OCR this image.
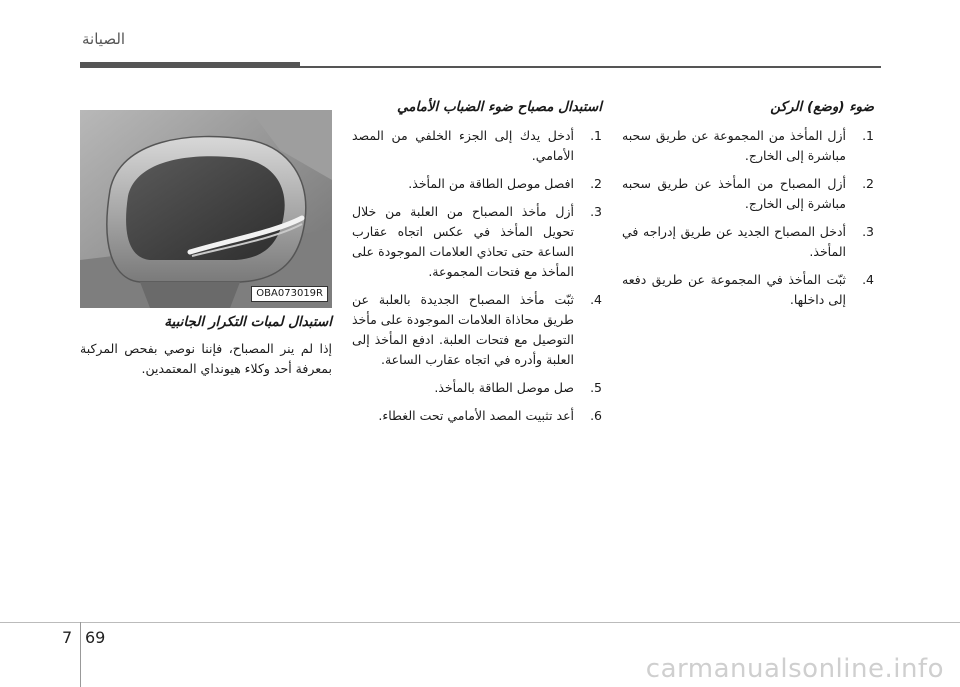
الصيانة
ضوء (وضع) الركن
.1
أزل المأخذ من المجموعة عن طريق سحبه مباشرة إلى الخارج.
.2
أزل المصباح من المأخذ عن طريق سحبه مباشرة إلى الخارج.
.3
أدخل المصباح الجديد عن طريق إدراجه في المأخذ.
.4
ثبّت المأخذ في المجموعة عن طريق دفعه إلى داخلها.
استبدال مصباح ضوء الضباب الأمامي
.1
أدخل يدك إلى الجزء الخلفي من المصد الأمامي.
.2
افصل موصل الطاقة من المأخذ.
.3
أزل مأخذ المصباح من العلبة من خلال تحويل المأخذ في عكس اتجاه عقارب الساعة حتى تحاذي العلامات الموجودة على المأخذ مع فتحات المجموعة.
.4
ثبّت مأخذ المصباح الجديدة بالعلبة عن طريق محاذاة العلامات الموجودة على مأخذ التوصيل مع فتحات العلبة. ادفع المأخذ إلى العلبة وأدره في اتجاه عقارب الساعة.
.5
صل موصل الطاقة بالمأخذ.
.6
أعد تثبيت المصد الأمامي تحت الغطاء.
OBA073019R
استبدال لمبات التكرار الجانبية

إذا لم ينر المصباح، فإننا نوصي بفحص المركبة بمعرفة أحد وكلاء هيونداي المعتمدين.

7 69
carmanualsonline.info
